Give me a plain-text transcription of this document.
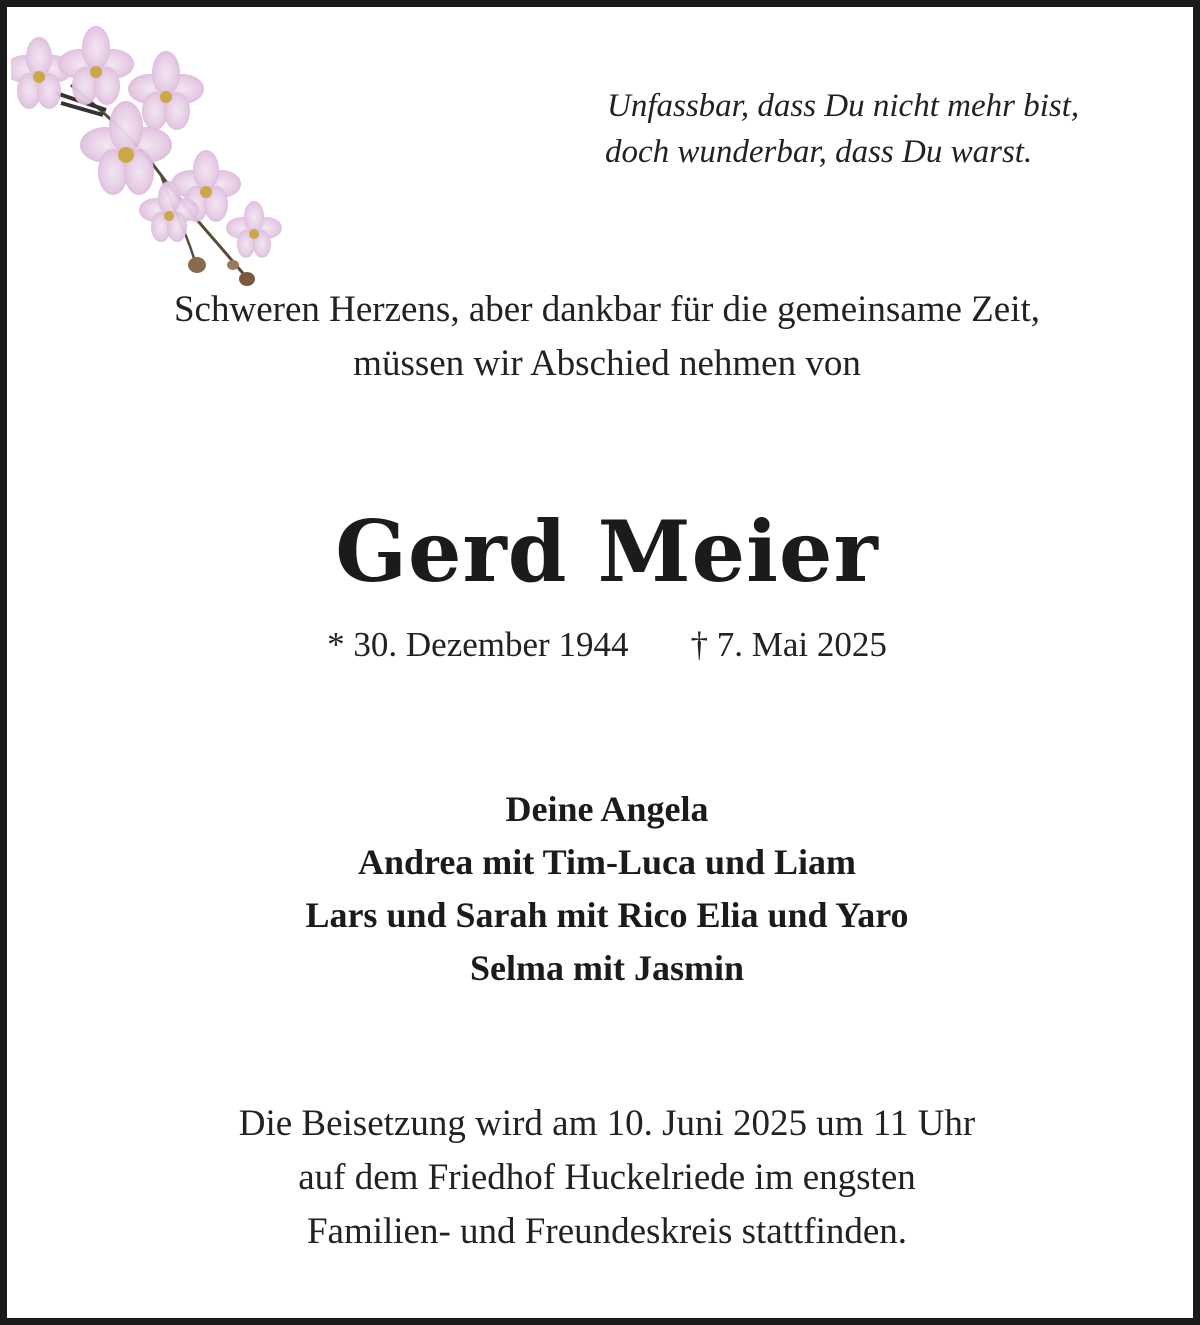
Unfassbar, dass Du nicht mehr bist,
doch wunderbar, dass Du warst.
Schweren Herzens, aber dankbar für die gemeinsame Zeit,
müssen wir Abschied nehmen von
Gerd Meier
* 30. Dezember 1944 † 7. Mai 2025
Deine Angela
Andrea mit Tim-Luca und Liam
Lars und Sarah mit Rico Elia und Yaro
Selma mit Jasmin
Die Beisetzung wird am 10. Juni 2025 um 11 Uhr
auf dem Friedhof Huckelriede im engsten
Familien- und Freundeskreis stattfinden.
